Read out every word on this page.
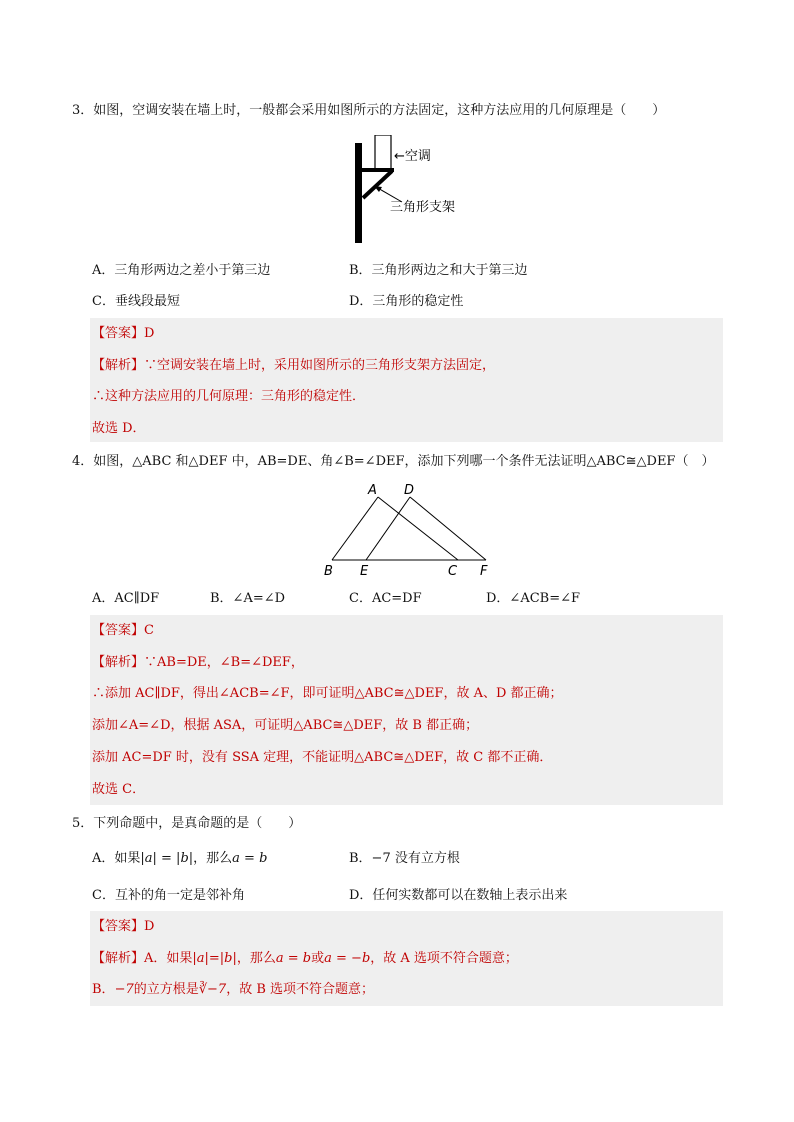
3．如图，空调安装在墙上时，一般都会采用如图所示的方法固定，这种方法应用的几何原理是（　　）
←空调
三角形支架
A．三角形两边之差小于第三边	B．三角形两边之和大于第三边
C．垂线段最短	D．三角形的稳定性
【答案】D
【解析】∵空调安装在墙上时，采用如图所示的三角形支架方法固定，
∴这种方法应用的几何原理：三角形的稳定性．
故选 D．
4．如图，△ABC 和△DEF 中，AB=DE、角∠B=∠DEF，添加下列哪一个条件无法证明△ABC≅△DEF（　）
A D
B E	C F
A．AC∥DF	B．∠A=∠D	C．AC=DF	D．∠ACB=∠F
【答案】C
【解析】∵AB=DE，∠B=∠DEF，
∴添加 AC∥DF，得出∠ACB=∠F，即可证明△ABC≅△DEF，故 A、D 都正确；
添加∠A=∠D，根据 ASA，可证明△ABC≅△DEF，故 B 都正确；
添加 AC=DF 时，没有 SSA 定理，不能证明△ABC≅△DEF，故 C 都不正确．
故选 C．
5．下列命题中，是真命题的是（　　）
A．如果|a| = |b|，那么a = b	B．−7 没有立方根
C．互补的角一定是邻补角	D．任何实数都可以在数轴上表示出来
【答案】D
【解析】A．如果|a|=|b|，那么a = b或a = −b，故 A 选项不符合题意；
B．−7的立方根是∛−7，故 B 选项不符合题意；
